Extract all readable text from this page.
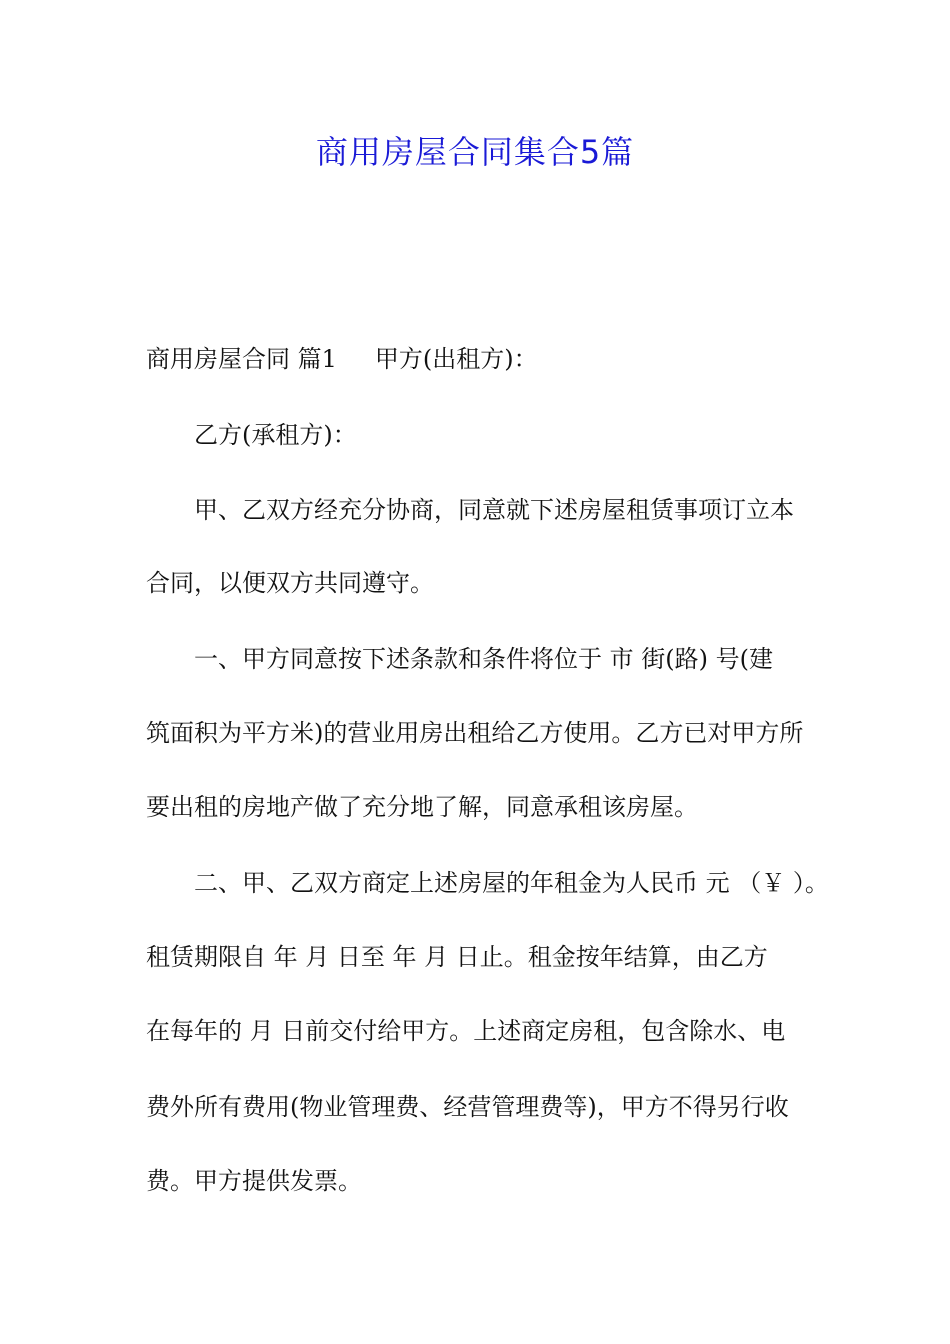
商用房屋合同集合5篇
商用房屋合同 篇1 甲方(出租方)：
乙方(承租方)：
甲、乙双方经充分协商，同意就下述房屋租赁事项订立本
合同，以便双方共同遵守。
一、甲方同意按下述条款和条件将位于 市 街(路) 号(建
筑面积为平方米)的营业用房出租给乙方使用。乙方已对甲方所
要出租的房地产做了充分地了解，同意承租该房屋。
二、甲、乙双方商定上述房屋的年租金为人民币 元 （￥ ）。
租赁期限自 年 月 日至 年 月 日止。租金按年结算，由乙方
在每年的 月 日前交付给甲方。上述商定房租，包含除水、电
费外所有费用(物业管理费、经营管理费等)，甲方不得另行收
费。甲方提供发票。
